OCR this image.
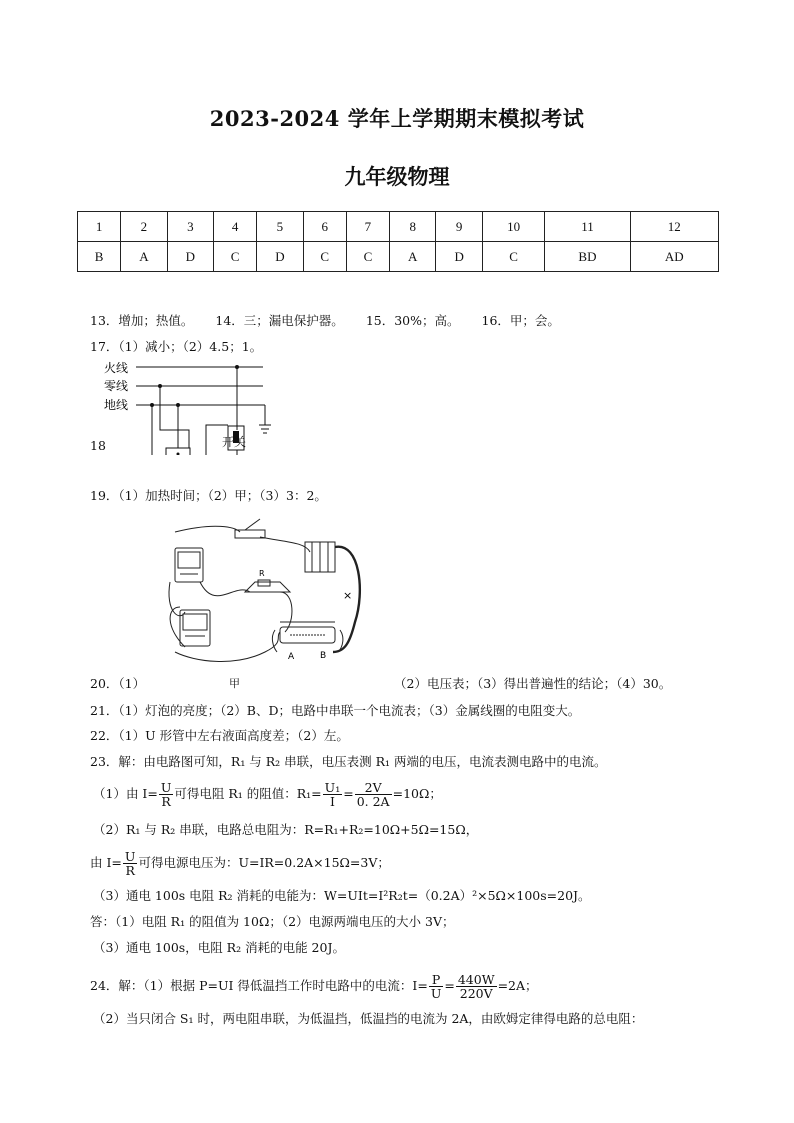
2023-2024 学年上学期期末模拟考试
九年级物理
1	2	3	4	5	6	7	8	9	10	11	12
B	A	D	C	D	C	C	A	D	C	BD	AD
13．增加；热值。 14．三；漏电保护器。 15．30%；高。 16．甲；会。
17．（1）减小；（2）4.5；1。
火线
零线
地线
18	开关
19．（1）加热时间；（2）甲；（3）3：2。
R
×
A	B
20．（1）	甲	（2）电压表；（3）得出普遍性的结论；（4）30。
21．（1）灯泡的亮度；（2）B、D；电路中串联一个电流表；（3）金属线圈的电阻变大。
22．（1）U 形管中左右液面高度差；（2）左。
23．解：由电路图可知，R₁ 与 R₂ 串联，电压表测 R₁ 两端的电压，电流表测电路中的电流。
（1）由 $I= \frac{U}{R}$ 可得电阻 R₁ 的阻值：$R_1= \frac{\text{U₁}}{I} = \frac{2V}{0. 2A} =10\Omega$；
（2）R₁ 与 R₂ 串联，电路总电阻为：R=R₁+R₂=10Ω+5Ω=15Ω，
由 $I= \frac{U}{R}$ 可得电源电压为：U=IR=0.2A×15Ω=3V；
（3）通电 100s 电阻 R₂ 消耗的电能为：W=UIt=I²R₂t=（0.2A）²×5Ω×100s=20J。
答：（1）电阻 R₁ 的阻值为 10Ω；（2）电源两端电压的大小 3V；
（3）通电 100s，电阻 R₂ 消耗的电能 20J。
24．解：（1）根据 P=UI 得低温挡工作时电路中的电流：$I= \frac{P}{U} = \frac{440W}{220V} =2A$；
（2）当只闭合 S₁ 时，两电阻串联，为低温挡，低温挡的电流为 2A，由欧姆定律得电路的总电阻：
